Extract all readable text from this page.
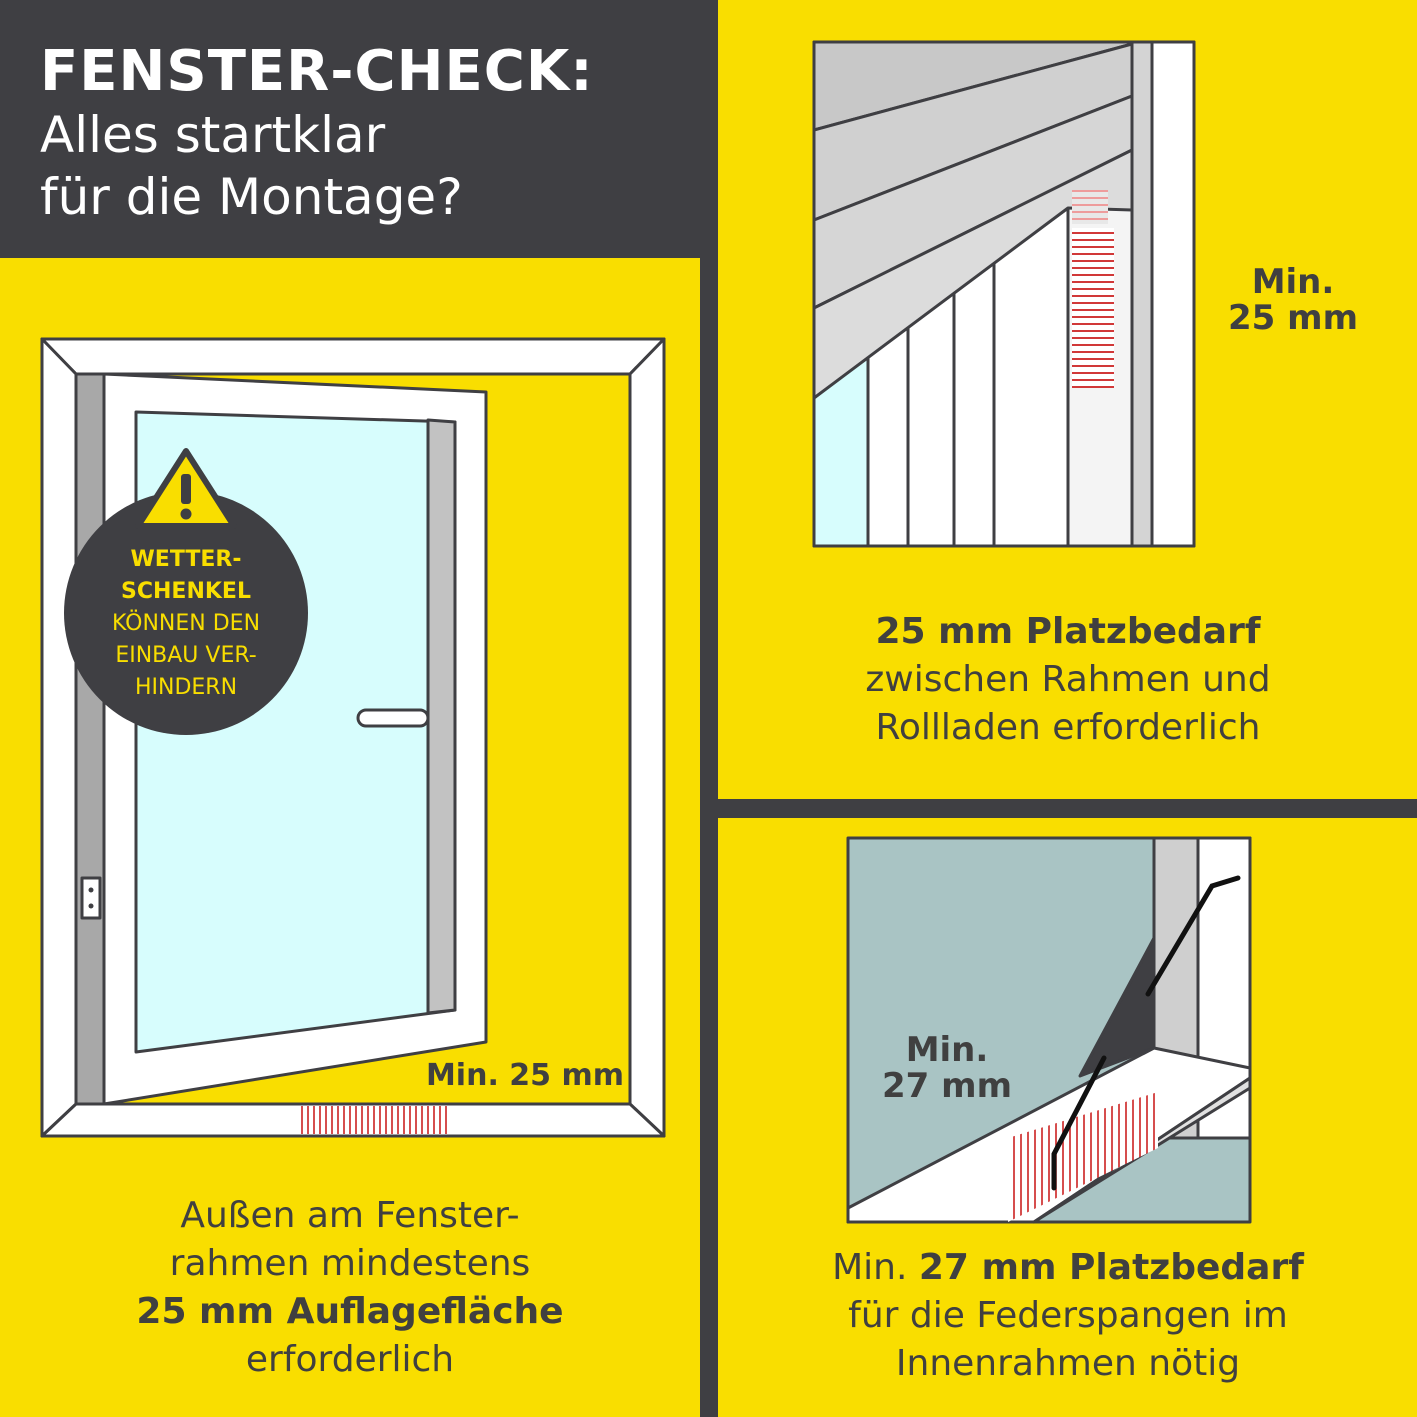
FENSTER-CHECK:
Alles startklar
für die Montage?
WETTER-
SCHENKEL
KÖNNEN DEN
EINBAU VER-
HINDERN
Min. 25 mm
Außen am Fenster-
rahmen mindestens
25 mm Auflagefläche
erforderlich
Min.
25 mm
25 mm Platzbedarf
zwischen Rahmen und
Rollladen erforderlich
Min.
27 mm
Min. 27 mm Platzbedarf
für die Federspangen im
Innenrahmen nötig
